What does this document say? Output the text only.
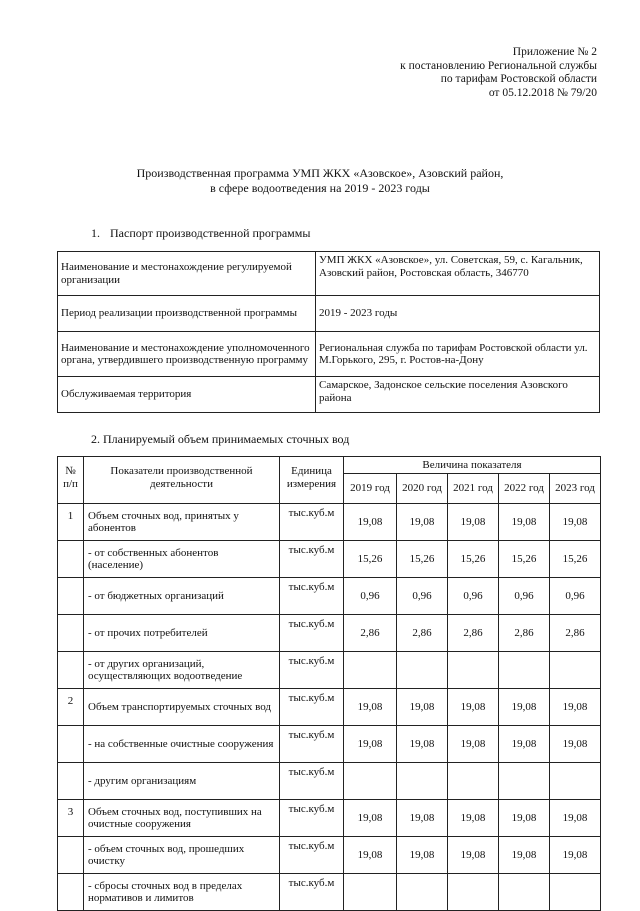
Приложение № 2
к постановлению Региональной службы
по тарифам Ростовской области
от 05.12.2018 № 79/20
Производственная программа УМП ЖКХ «Азовское», Азовский район,
в сфере водоотведения на 2019 - 2023 годы
1. Паспорт производственной программы
Наименование и местонахождение регулируемой организации	УМП ЖКХ «Азовское», ул. Советская, 59, с. Кагальник, Азовский район, Ростовская область, 346770
Период реализации производственной программы	2019 - 2023 годы
Наименование и местонахождение уполномоченного органа, утвердившего производственную программу	Региональная служба по тарифам Ростовской области ул. М.Горького, 295, г. Ростов-на-Дону
Обслуживаемая территория	Самарское, Задонское сельские поселения Азовского района
2. Планируемый объем принимаемых сточных вод
№ п/п	Показатели производственной деятельности	Единица измерения	Величина показателя				
			2019 год	2020 год	2021 год	2022 год	2023 год
1	Объем сточных вод, принятых у абонентов	тыс.куб.м	19,08	19,08	19,08	19,08	19,08
	- от собственных абонентов (население)	тыс.куб.м	15,26	15,26	15,26	15,26	15,26
	- от бюджетных организаций	тыс.куб.м	0,96	0,96	0,96	0,96	0,96
	- от прочих потребителей	тыс.куб.м	2,86	2,86	2,86	2,86	2,86
	- от других организаций, осуществляющих водоотведение	тыс.куб.м					
2	Объем транспортируемых сточных вод	тыс.куб.м	19,08	19,08	19,08	19,08	19,08
	- на собственные очистные сооружения	тыс.куб.м	19,08	19,08	19,08	19,08	19,08
	- другим организациям	тыс.куб.м					
3	Объем сточных вод, поступивших на очистные сооружения	тыс.куб.м	19,08	19,08	19,08	19,08	19,08
	- объем сточных вод, прошедших очистку	тыс.куб.м	19,08	19,08	19,08	19,08	19,08
	- сбросы сточных вод в пределах нормативов и лимитов	тыс.куб.м					
